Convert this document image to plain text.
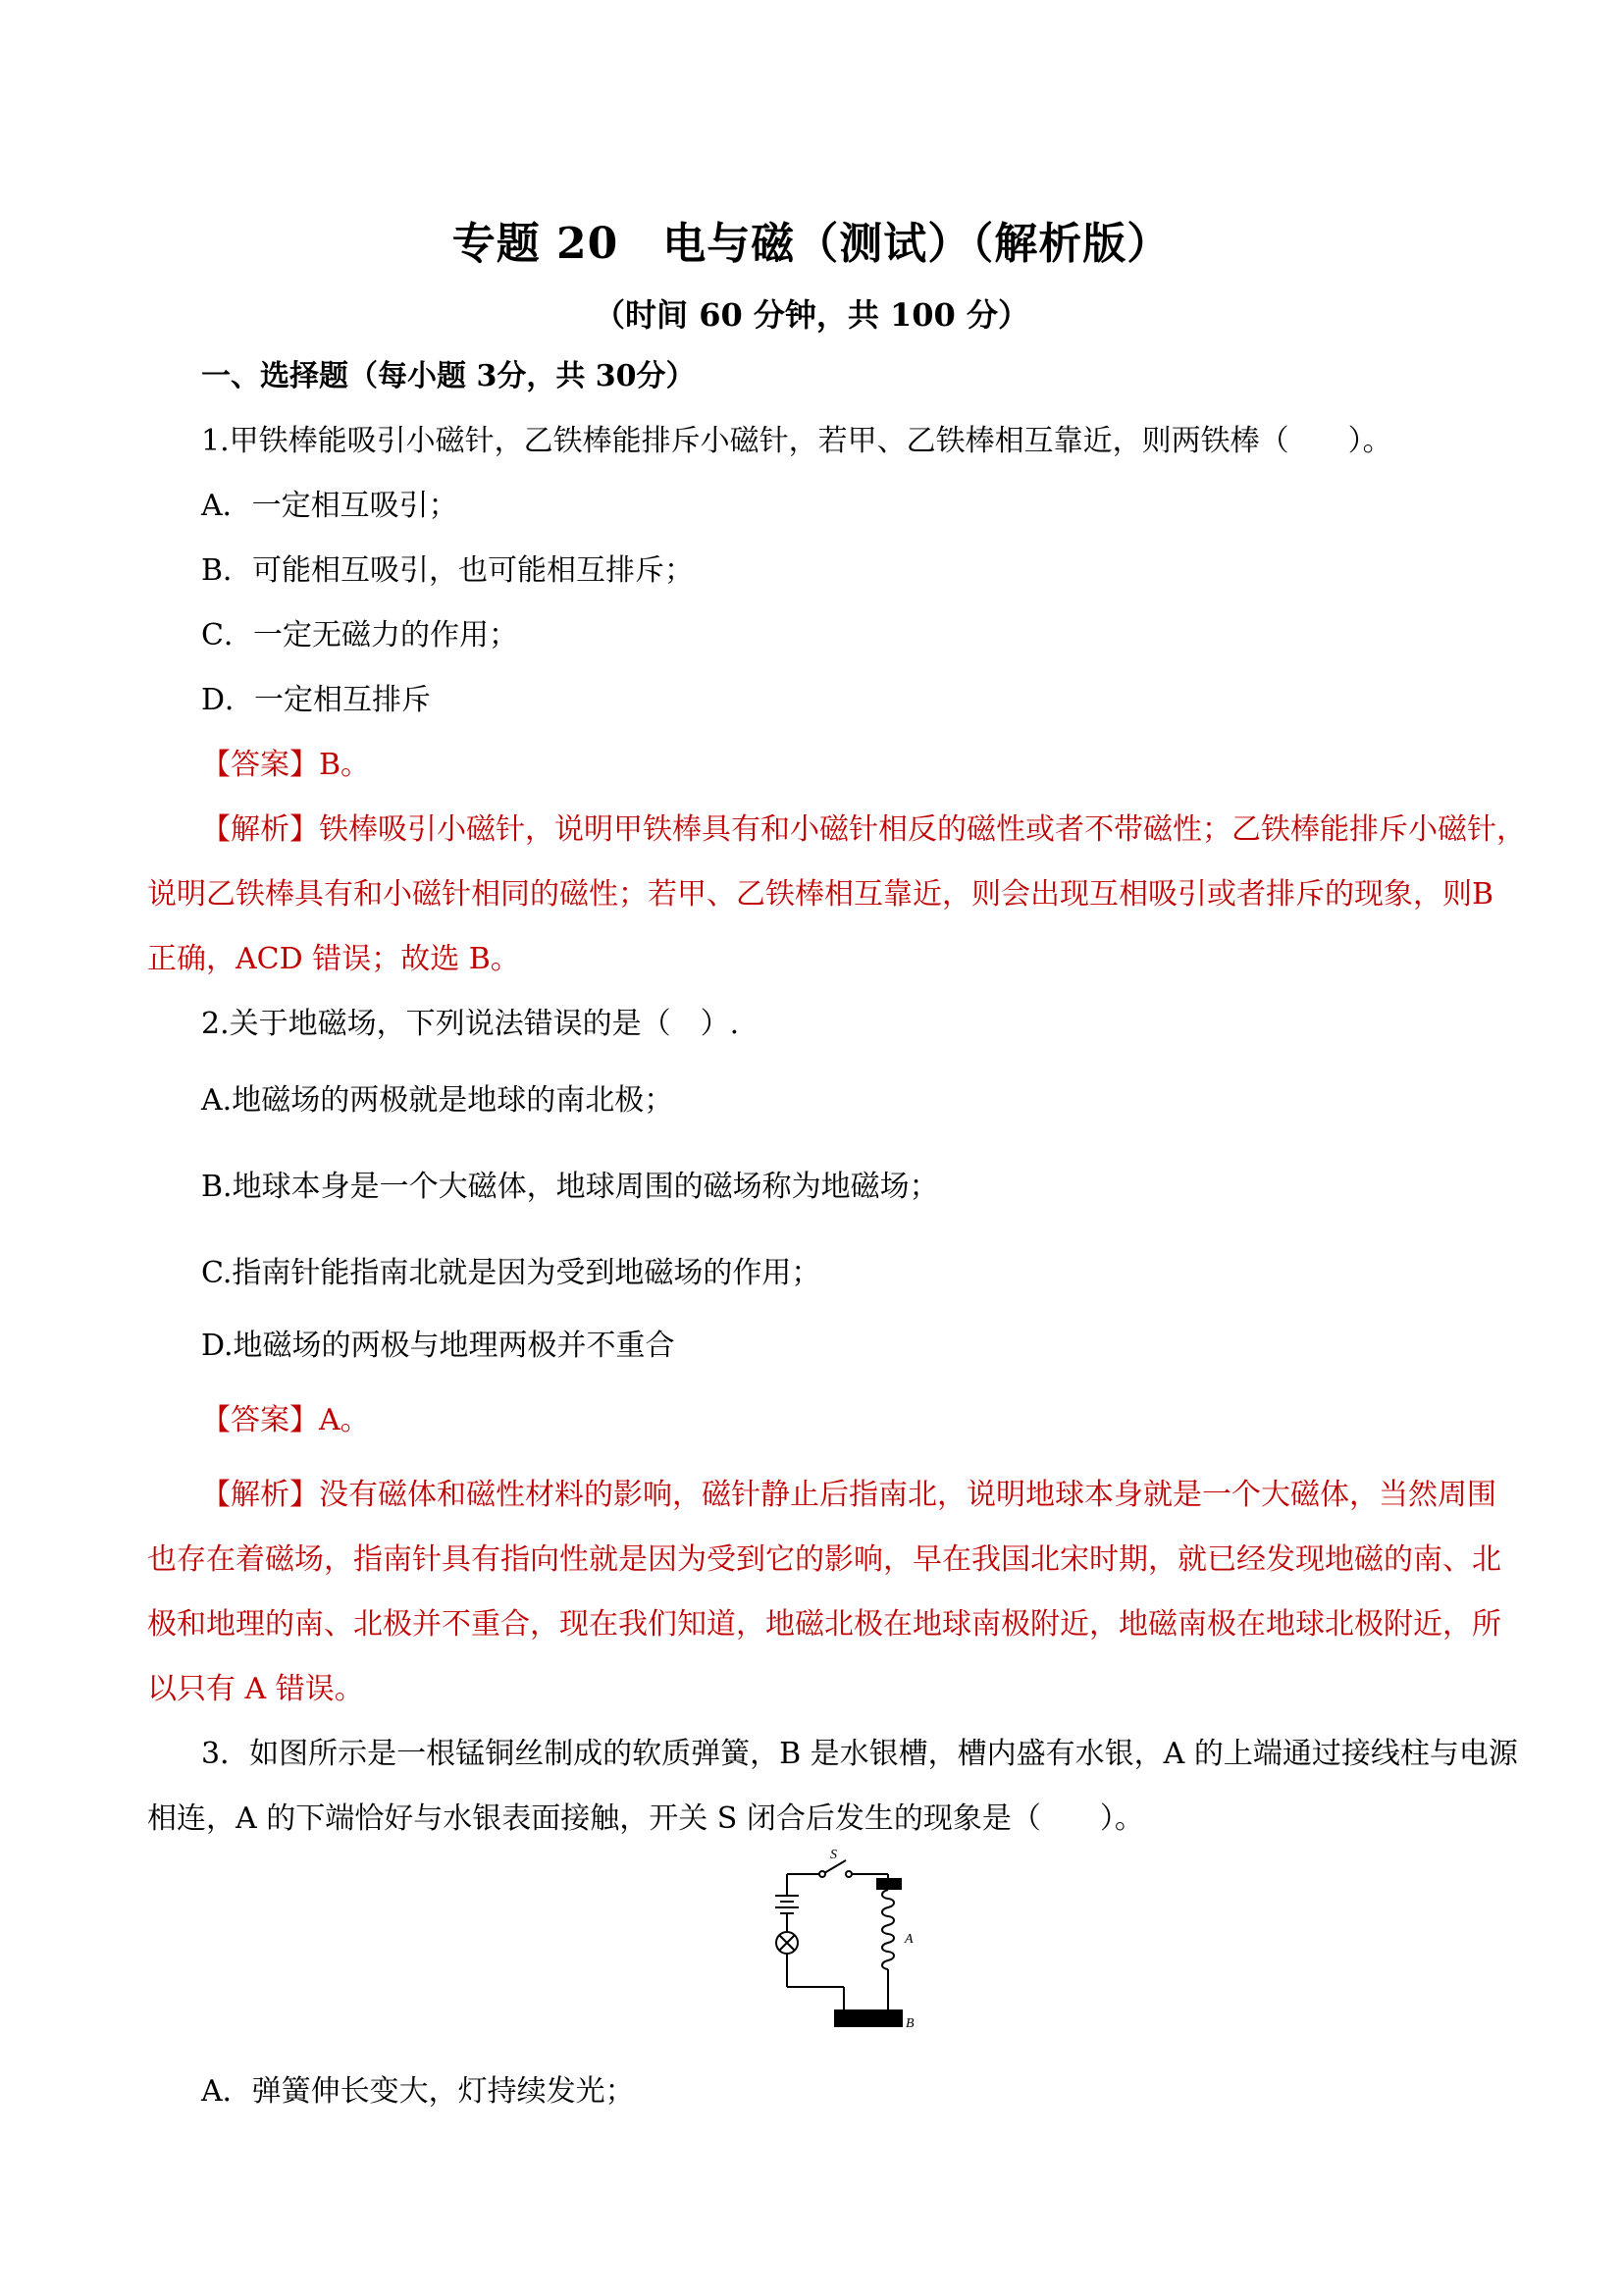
专题 20　电与磁（测试）（解析版）
（时间 60 分钟，共 100 分）
一、选择题（每小题 3分，共 30分）
1.甲铁棒能吸引小磁针，乙铁棒能排斥小磁针，若甲、乙铁棒相互靠近，则两铁棒（　　）。
A．一定相互吸引；
B．可能相互吸引，也可能相互排斥；
C．一定无磁力的作用；
D．一定相互排斥
【答案】B。
【解析】铁棒吸引小磁针，说明甲铁棒具有和小磁针相反的磁性或者不带磁性；乙铁棒能排斥小磁针，
说明乙铁棒具有和小磁针相同的磁性；若甲、乙铁棒相互靠近，则会出现互相吸引或者排斥的现象，则B
正确，ACD 错误；故选 B。
2.关于地磁场，下列说法错误的是（　）.
A.地磁场的两极就是地球的南北极；
B.地球本身是一个大磁体，地球周围的磁场称为地磁场；
C.指南针能指南北就是因为受到地磁场的作用；
D.地磁场的两极与地理两极并不重合
【答案】A。
【解析】没有磁体和磁性材料的影响，磁针静止后指南北，说明地球本身就是一个大磁体，当然周围
也存在着磁场，指南针具有指向性就是因为受到它的影响，早在我国北宋时期，就已经发现地磁的南、北
极和地理的南、北极并不重合，现在我们知道，地磁北极在地球南极附近，地磁南极在地球北极附近，所
以只有 A 错误。
3．如图所示是一根锰铜丝制成的软质弹簧，B 是水银槽，槽内盛有水银，A 的上端通过接线柱与电源
相连，A 的下端恰好与水银表面接触，开关 S 闭合后发生的现象是（　　）。
S
A
B
A．弹簧伸长变大，灯持续发光；
